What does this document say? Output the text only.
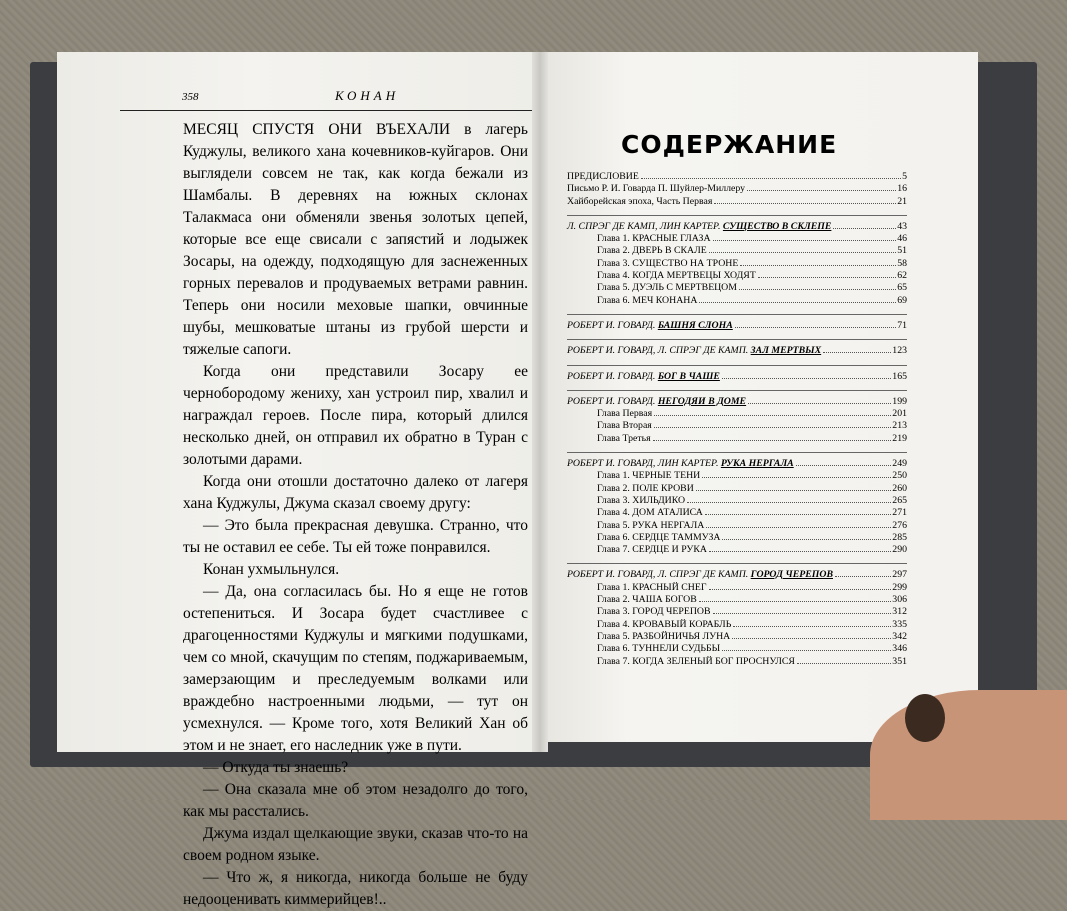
358	КОНАН

МЕСЯЦ СПУСТЯ ОНИ ВЪЕХАЛИ в лагерь Куджулы, великого хана кочевников-куйгаров. Они выглядели совсем не так, как когда бежали из Шамбалы. В деревнях на южных склонах Талакмаса они обменяли звенья золотых цепей, которые все еще свисали с запястий и лодыжек Зосары, на одежду, подходящую для заснеженных горных перевалов и продуваемых ветрами равнин. Теперь они носили меховые шапки, овчинные шубы, мешковатые штаны из грубой шерсти и тяжелые сапоги.

Когда они представили Зосару ее чернобородому жениху, хан устроил пир, хвалил и награждал героев. После пира, который длился несколько дней, он отправил их обратно в Туран с золотыми дарами.

Когда они отошли достаточно далеко от лагеря хана Куджулы, Джума сказал своему другу:

— Это была прекрасная девушка. Странно, что ты не оставил ее себе. Ты ей тоже понравился.

Конан ухмыльнулся.

— Да, она согласилась бы. Но я еще не готов остепениться. И Зосара будет счастливее с драгоценностями Куджулы и мягкими подушками, чем со мной, скачущим по степям, поджариваемым, замерзающим и преследуемым волками или враждебно настроенными людьми, — тут он усмехнулся. — Кроме того, хотя Великий Хан об этом и не знает, его наследник уже в пути.

— Откуда ты знаешь?

— Она сказала мне об этом незадолго до того, как мы расстались.

Джума издал щелкающие звуки, сказав что-то на своем родном языке.

— Что ж, я никогда, никогда больше не буду недооценивать киммерийцев!..

СОДЕРЖАНИЕ
ПРЕДИСЛОВИЕ	5
Письмо Р. И. Говарда П. Шуйлер-Миллеру	16
Хайборейская эпоха, Часть Первая	21
Л. СПРЭГ ДЕ КАМП, ЛИН КАРТЕР. СУЩЕСТВО В СКЛЕПЕ	43
Глава 1. КРАСНЫЕ ГЛАЗА	46
Глава 2. ДВЕРЬ В СКАЛЕ	51
Глава 3. СУЩЕСТВО НА ТРОНЕ	58
Глава 4. КОГДА МЕРТВЕЦЫ ХОДЯТ	62
Глава 5. ДУЭЛЬ С МЕРТВЕЦОМ	65
Глава 6. МЕЧ КОНАНА	69
РОБЕРТ И. ГОВАРД. БАШНЯ СЛОНА	71
РОБЕРТ И. ГОВАРД, Л. СПРЭГ ДЕ КАМП. ЗАЛ МЕРТВЫХ	123
РОБЕРТ И. ГОВАРД. БОГ В ЧАШЕ	165
РОБЕРТ И. ГОВАРД. НЕГОДЯИ В ДОМЕ	199
Глава Первая	201
Глава Вторая	213
Глава Третья	219
РОБЕРТ И. ГОВАРД, ЛИН КАРТЕР. РУКА НЕРГАЛА	249
Глава 1. ЧЕРНЫЕ ТЕНИ	250
Глава 2. ПОЛЕ КРОВИ	260
Глава 3. ХИЛЬДИКО	265
Глава 4. ДОМ АТАЛИСА	271
Глава 5. РУКА НЕРГАЛА	276
Глава 6. СЕРДЦЕ ТАММУЗА	285
Глава 7. СЕРДЦЕ И РУКА	290
РОБЕРТ И. ГОВАРД, Л. СПРЭГ ДЕ КАМП. ГОРОД ЧЕРЕПОВ	297
Глава 1. КРАСНЫЙ СНЕГ	299
Глава 2. ЧАША БОГОВ	306
Глава 3. ГОРОД ЧЕРЕПОВ	312
Глава 4. КРОВАВЫЙ КОРАБЛЬ	335
Глава 5. РАЗБОЙНИЧЬЯ ЛУНА	342
Глава 6. ТУННЕЛИ СУДЬБЫ	346
Глава 7. КОГДА ЗЕЛЕНЫЙ БОГ ПРОСНУЛСЯ	351
